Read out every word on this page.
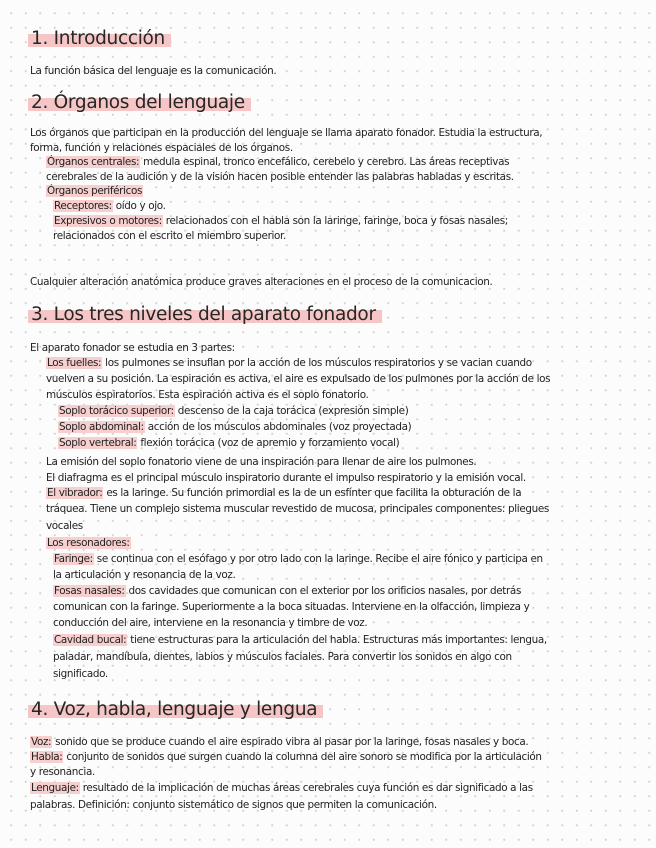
1. Introducción
La función básica del lenguaje es la comunicación.
2. Órganos del lenguaje
Los órganos que participan en la producción del lenguaje se llama aparato fonador. Estudia la estructura,
forma, función y relaciones espaciales de los órganos.
Órganos centrales: medula espinal, tronco encefálico, cerebelo y cerebro. Las áreas receptivas
cerebrales de la audición y de la visión hacen posible entender las palabras habladas y escritas.
Órganos periféricos
Receptores: oído y ojo.
Expresivos o motores: relacionados con el habla son la laringe, faringe, boca y fosas nasales;
relacionados con el escrito el miembro superior.
Cualquier alteración anatómica produce graves alteraciones en el proceso de la comunicacion.
3. Los tres niveles del aparato fonador
El aparato fonador se estudia en 3 partes:
Los fuelles: los pulmones se insuflan por la acción de los músculos respiratorios y se vacian cuando
vuelven a su posición. La espiración es activa, el aire es expulsado de los pulmones por la acción de los
músculos espiratorios. Esta espiración activa es el soplo fonatorio.
Soplo torácico superior: descenso de la caja torácica (expresión simple)
Soplo abdominal: acción de los músculos abdominales (voz proyectada)
Soplo vertebral: flexión torácica (voz de apremio y forzamiento vocal)
La emisión del soplo fonatorio viene de una inspiración para llenar de aire los pulmones.
El diafragma es el principal músculo inspiratorio durante el impulso respiratorio y la emisión vocal.
El vibrador: es la laringe. Su función primordial es la de un esfínter que facilita la obturación de la
tráquea. Tiene un complejo sistema muscular revestido de mucosa, principales componentes: pliegues
vocales
Los resonadores:
Faringe: se continua con el esófago y por otro lado con la laringe. Recibe el aire fónico y participa en
la articulación y resonancia de la voz.
Fosas nasales: dos cavidades que comunican con el exterior por los orificios nasales, por detrás
comunican con la faringe. Superiormente a la boca situadas. Interviene en la olfacción, limpieza y
conducción del aire, interviene en la resonancia y timbre de voz.
Cavidad bucal: tiene estructuras para la articulación del habla. Estructuras más importantes: lengua,
paladar, mandíbula, dientes, labios y músculos faciales. Para convertir los sonidos en algo con
significado.
4. Voz, habla, lenguaje y lengua
Voz: sonido que se produce cuando el aire espirado vibra al pasar por la laringe, fosas nasales y boca.
Habla: conjunto de sonidos que surgen cuando la columna del aire sonoro se modifica por la articulación
y resonancia.
Lenguaje: resultado de la implicación de muchas áreas cerebrales cuya función es dar significado a las
palabras. Definición: conjunto sistemático de signos que permiten la comunicación.
